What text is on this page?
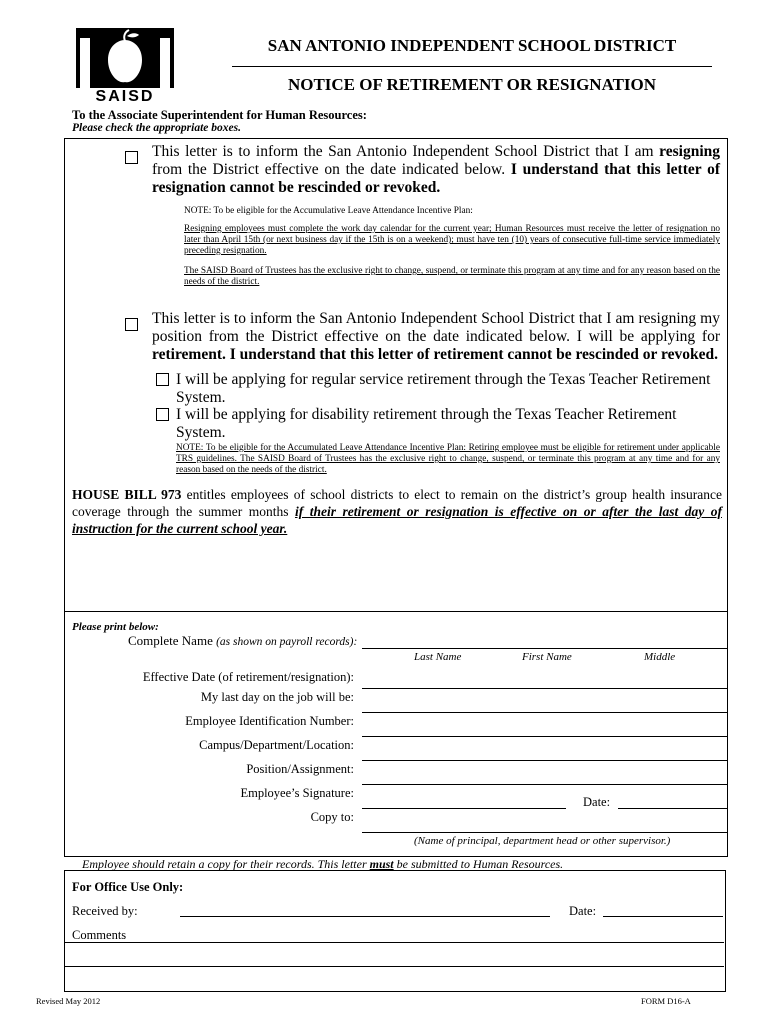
SAISD
SAN ANTONIO INDEPENDENT SCHOOL DISTRICT
NOTICE OF RETIREMENT OR RESIGNATION
To the Associate Superintendent for Human Resources:
Please check the appropriate boxes.
This letter is to inform the San Antonio Independent School District that I am resigning from the District effective on the date indicated below. I understand that this letter of resignation cannot be rescinded or revoked.
NOTE: To be eligible for the Accumulative Leave Attendance Incentive Plan:
Resigning employees must complete the work day calendar for the current year; Human Resources must receive the letter of resignation no later than April 15th (or next business day if the 15th is on a weekend); must have ten (10) years of consecutive full-time service immediately preceding resignation.
The SAISD Board of Trustees has the exclusive right to change, suspend, or terminate this program at any time and for any reason based on the needs of the district.
This letter is to inform the San Antonio Independent School District that I am resigning my position from the District effective on the date indicated below. I will be applying for retirement. I understand that this letter of retirement cannot be rescinded or revoked.
I will be applying for regular service retirement through the Texas Teacher Retirement System.
I will be applying for disability retirement through the Texas Teacher Retirement System.
NOTE: To be eligible for the Accumulated Leave Attendance Incentive Plan: Retiring employee must be eligible for retirement under applicable TRS guidelines. The SAISD Board of Trustees has the exclusive right to change, suspend, or terminate this program at any time and for any reason based on the needs of the district.
HOUSE BILL 973 entitles employees of school districts to elect to remain on the district’s group health insurance coverage through the summer months if their retirement or resignation is effective on or after the last day of instruction for the current school year.
Please print below:
Complete Name (as shown on payroll records):
Last Name	First Name	Middle
Effective Date (of retirement/resignation):
My last day on the job will be:
Employee Identification Number:
Campus/Department/Location:
Position/Assignment:
Employee’s Signature:
Date:
Copy to:
(Name of principal, department head or other supervisor.)
Employee should retain a copy for their records. This letter must be submitted to Human Resources.
For Office Use Only:
Received by:	Date:
Comments
Revised May 2012	FORM D16-A
